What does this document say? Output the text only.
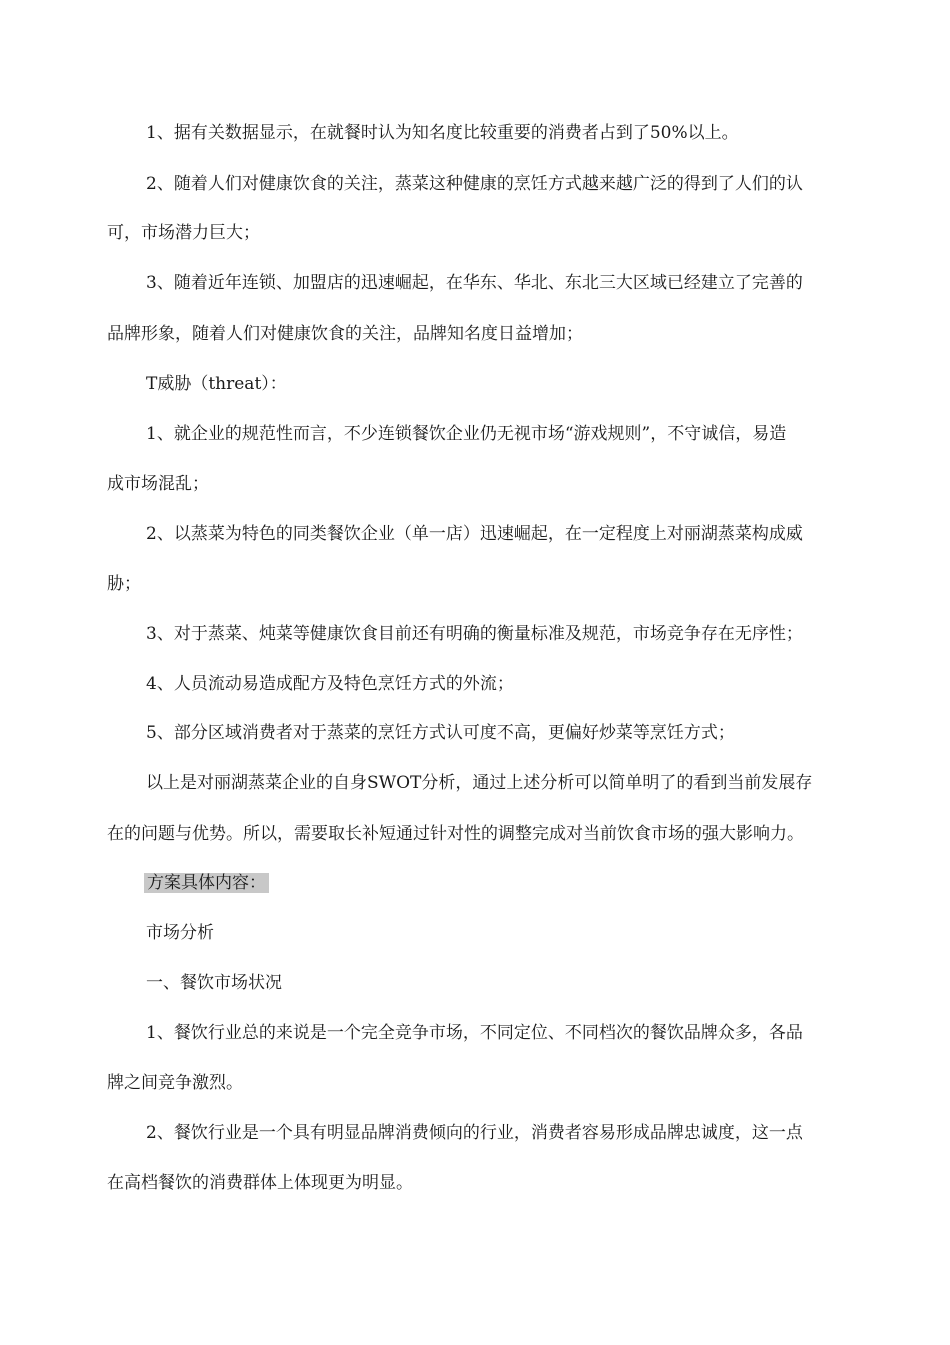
1、据有关数据显示，在就餐时认为知名度比较重要的消费者占到了50%以上。
2、随着人们对健康饮食的关注，蒸菜这种健康的烹饪方式越来越广泛的得到了人们的认
可，市场潜力巨大；
3、随着近年连锁、加盟店的迅速崛起，在华东、华北、东北三大区域已经建立了完善的
品牌形象，随着人们对健康饮食的关注，品牌知名度日益增加；
T威胁（threat）：
1、就企业的规范性而言，不少连锁餐饮企业仍无视市场“游戏规则”，不守诚信，易造
成市场混乱；
2、以蒸菜为特色的同类餐饮企业（单一店）迅速崛起，在一定程度上对丽湖蒸菜构成威
胁；
3、对于蒸菜、炖菜等健康饮食目前还有明确的衡量标准及规范，市场竞争存在无序性；
4、人员流动易造成配方及特色烹饪方式的外流；
5、部分区域消费者对于蒸菜的烹饪方式认可度不高，更偏好炒菜等烹饪方式；
以上是对丽湖蒸菜企业的自身SWOT分析，通过上述分析可以简单明了的看到当前发展存
在的问题与优势。所以，需要取长补短通过针对性的调整完成对当前饮食市场的强大影响力。
方案具体内容：
市场分析
一、餐饮市场状况
1、餐饮行业总的来说是一个完全竞争市场，不同定位、不同档次的餐饮品牌众多，各品
牌之间竞争激烈。
2、餐饮行业是一个具有明显品牌消费倾向的行业，消费者容易形成品牌忠诚度，这一点
在高档餐饮的消费群体上体现更为明显。
